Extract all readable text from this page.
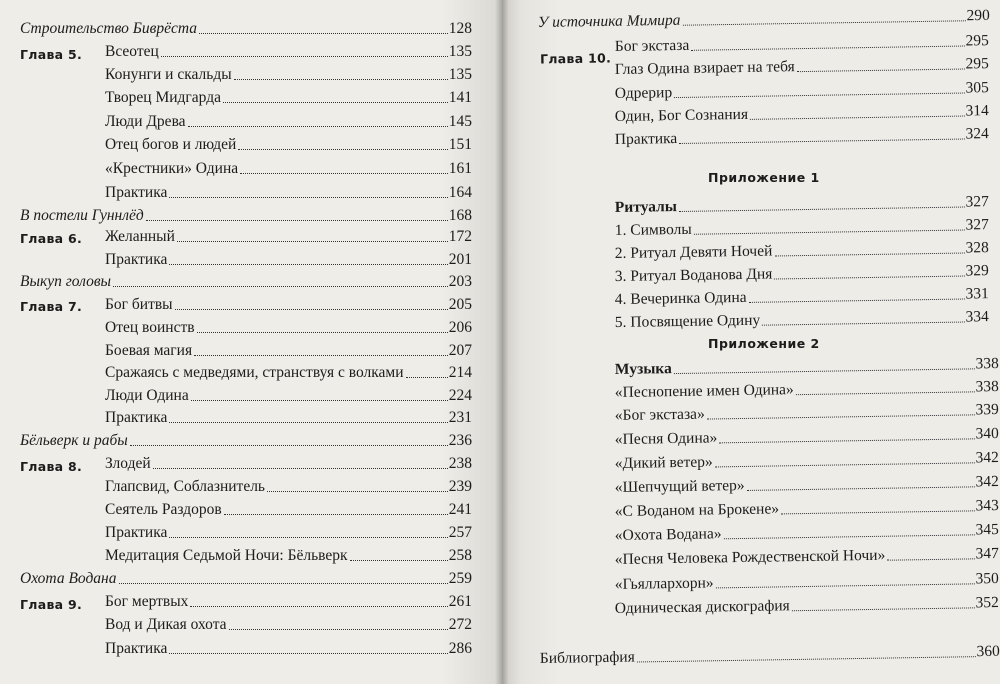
Строительство Бивpёста	128
Глава 5. Всеотец	135
Конунги и скальды	135
Творец Мидгарда	141
Люди Древа	145
Отец богов и людей	151
«Крестники» Одина	161
Практика	164
В постели Гуннлёд	168
Глава 6. Желанный	172
Практика	201
Выкуп головы	203
Глава 7. Бог битвы	205
Отец воинств	206
Боевая магия	207
Сражаясь с медведями, странствуя с волками	214
Люди Одина	224
Практика	231
Бёльверк и рабы	236
Глава 8. Злодей	238
Глапсвид, Соблазнитель	239
Сеятель Раздоров	241
Практика	257
Медитация Седьмой Ночи: Бёльверк	258
Охота Водана	259
Глава 9. Бог мертвых	261
Вод и Дикая охота	272
Практика	286
У источника Мимира	290
Глава 10.
Бог экстаза	295
Глаз Одина взирает на тебя	295
Одрерир	305
Один, Бог Сознания	314
Практика	324
Приложение 1
Ритуалы	327
1. Символы	327
2. Ритуал Девяти Ночей	328
3. Ритуал Воданова Дня	329
4. Вечеринка Одина	331
5. Посвящение Одину	334
Приложение 2
Музыка	338
«Песнопение имен Одина»	338
«Бог экстаза»	339
«Песня Одина»	340
«Дикий ветер»	342
«Шепчущий ветер»	342
«С Воданом на Брокене»	343
«Охота Водана»	345
«Песня Человека Рождественской Ночи»	347
«Гьяллархорн»	350
Одиническая дискография	352
Библиография	360
